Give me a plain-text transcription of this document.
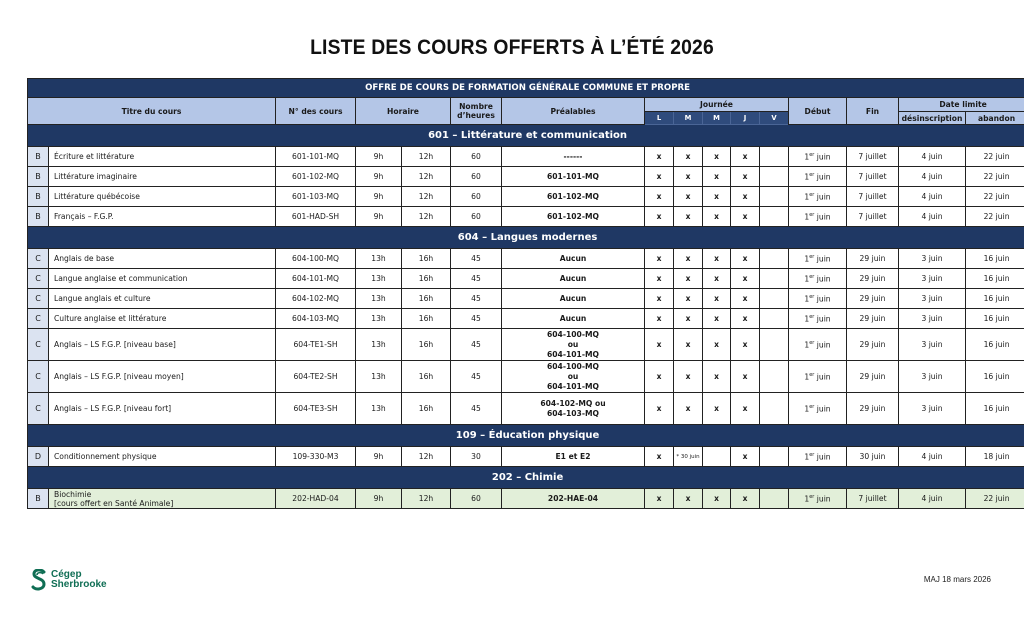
LISTE DES COURS OFFERTS À L’ÉTÉ 2026
OFFRE DE COURS DE FORMATION GÉNÉRALE COMMUNE ET PROPRE															
Titre du cours		N° des cours	Horaire		Nombre d’heures	Préalables	Journée					Début	Fin	Date limite	
							L	M	M	J	V			désinscription	abandon
601 – Littérature et communication															
B	Écriture et littérature	601-101-MQ	9h	12h	60	------	x	x	x	x		1er juin	7 juillet	4 juin	22 juin
B	Littérature imaginaire	601-102-MQ	9h	12h	60	601-101-MQ	x	x	x	x		1er juin	7 juillet	4 juin	22 juin
B	Littérature québécoise	601-103-MQ	9h	12h	60	601-102-MQ	x	x	x	x		1er juin	7 juillet	4 juin	22 juin
B	Français – F.G.P.	601-HAD-SH	9h	12h	60	601-102-MQ	x	x	x	x		1er juin	7 juillet	4 juin	22 juin
604 – Langues modernes															
C	Anglais de base	604-100-MQ	13h	16h	45	Aucun	x	x	x	x		1er juin	29 juin	3 juin	16 juin
C	Langue anglaise et communication	604-101-MQ	13h	16h	45	Aucun	x	x	x	x		1er juin	29 juin	3 juin	16 juin
C	Langue anglais et culture	604-102-MQ	13h	16h	45	Aucun	x	x	x	x		1er juin	29 juin	3 juin	16 juin
C	Culture anglaise et littérature	604-103-MQ	13h	16h	45	Aucun	x	x	x	x		1er juin	29 juin	3 juin	16 juin
C	Anglais – LS F.G.P. [niveau base]	604-TE1-SH	13h	16h	45	604-100-MQ
ou
604-101-MQ	x	x	x	x		1er juin	29 juin	3 juin	16 juin
C	Anglais – LS F.G.P. [niveau moyen]	604-TE2-SH	13h	16h	45	604-100-MQ
ou
604-101-MQ	x	x	x	x		1er juin	29 juin	3 juin	16 juin
C	Anglais – LS F.G.P. [niveau fort]	604-TE3-SH	13h	16h	45	604-102-MQ ou
604-103-MQ	x	x	x	x		1er juin	29 juin	3 juin	16 juin
109 – Éducation physique															
D	Conditionnement physique	109-330-M3	9h	12h	30	E1 et E2	x	* 30 juin		x		1er juin	30 juin	4 juin	18 juin
202 – Chimie															
B	Biochimie
[cours offert en Santé Animale]	202-HAD-04	9h	12h	60	202-HAE-04	x	x	x	x		1er juin	7 juillet	4 juin	22 juin
Cégep
Sherbrooke	MAJ 18 mars 2026
